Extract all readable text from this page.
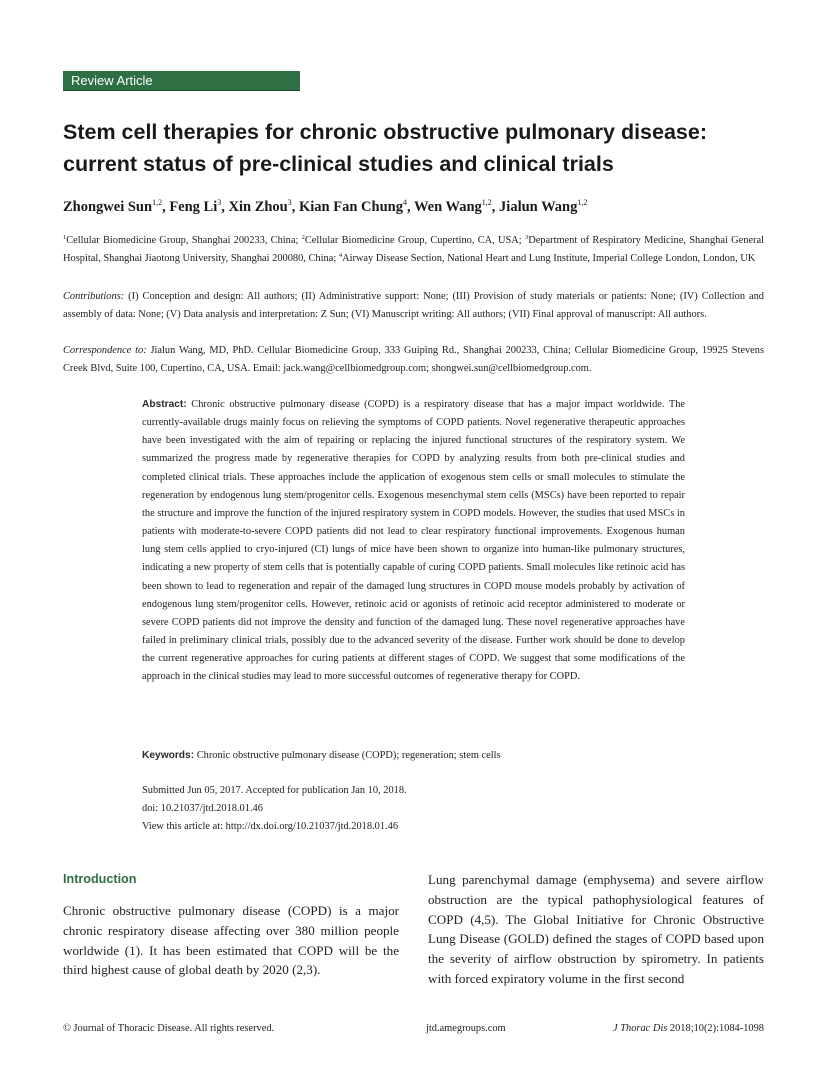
Review Article
Stem cell therapies for chronic obstructive pulmonary disease: current status of pre-clinical studies and clinical trials
Zhongwei Sun$^{1,2}$, Feng Li$^3$, Xin Zhou$^3$, Kian Fan Chung$^4$, Wen Wang$^{1,2}$, Jialun Wang$^{1,2}$

$^1$Cellular Biomedicine Group, Shanghai 200233, China; $^2$Cellular Biomedicine Group, Cupertino, CA, USA; $^3$Department of Respiratory Medicine, Shanghai General Hospital, Shanghai Jiaotong University, Shanghai 200080, China; $^4$Airway Disease Section, National Heart and Lung Institute, Imperial College London, London, UK

Contributions: (I) Conception and design: All authors; (II) Administrative support: None; (III) Provision of study materials or patients: None; (IV) Collection and assembly of data: None; (V) Data analysis and interpretation: Z Sun; (VI) Manuscript writing: All authors; (VII) Final approval of manuscript: All authors.

Correspondence to: Jialun Wang, MD, PhD. Cellular Biomedicine Group, 333 Guiping Rd., Shanghai 200233, China; Cellular Biomedicine Group, 19925 Stevens Creek Blvd, Suite 100, Cupertino, CA, USA. Email: jack.wang@cellbiomedgroup.com; shongwei.sun@cellbiomedgroup.com.

Abstract: Chronic obstructive pulmonary disease (COPD) is a respiratory disease that has a major impact worldwide. The currently-available drugs mainly focus on relieving the symptoms of COPD patients. Novel regenerative therapeutic approaches have been investigated with the aim of repairing or replacing the injured functional structures of the respiratory system. We summarized the progress made by regenerative therapies for COPD by analyzing results from both pre-clinical studies and completed clinical trials. These approaches include the application of exogenous stem cells or small molecules to stimulate the regeneration by endogenous lung stem/progenitor cells. Exogenous mesenchymal stem cells (MSCs) have been reported to repair the structure and improve the function of the injured respiratory system in COPD models. However, the studies that used MSCs in patients with moderate-to-severe COPD patients did not lead to clear respiratory functional improvements. Exogenous human lung stem cells applied to cryo-injured (CI) lungs of mice have been shown to organize into human-like pulmonary structures, indicating a new property of stem cells that is potentially capable of curing COPD patients. Small molecules like retinoic acid has been shown to lead to regeneration and repair of the damaged lung structures in COPD mouse models probably by activation of endogenous lung stem/progenitor cells. However, retinoic acid or agonists of retinoic acid receptor administered to moderate or severe COPD patients did not improve the density and function of the damaged lung. These novel regenerative approaches have failed in preliminary clinical trials, possibly due to the advanced severity of the disease. Further work should be done to develop the current regenerative approaches for curing patients at different stages of COPD. We suggest that some modifications of the approach in the clinical studies may lead to more successful outcomes of regenerative therapy for COPD.

Keywords: Chronic obstructive pulmonary disease (COPD); regeneration; stem cells
Submitted Jun 05, 2017. Accepted for publication Jan 10, 2018.
doi: 10.21037/jtd.2018.01.46
View this article at: http://dx.doi.org/10.21037/jtd.2018.01.46
Introduction

Chronic obstructive pulmonary disease (COPD) is a major chronic respiratory disease affecting over 380 million people worldwide (1). It has been estimated that COPD will be the third highest cause of global death by 2020 (2,3).

Lung parenchymal damage (emphysema) and severe airflow obstruction are the typical pathophysiological features of COPD (4,5). The Global Initiative for Chronic Obstructive Lung Disease (GOLD) defined the stages of COPD based upon the severity of airflow obstruction by spirometry. In patients with forced expiratory volume in the first second

© Journal of Thoracic Disease. All rights reserved.	jtd.amegroups.com	J Thorac Dis 2018;10(2):1084-1098
